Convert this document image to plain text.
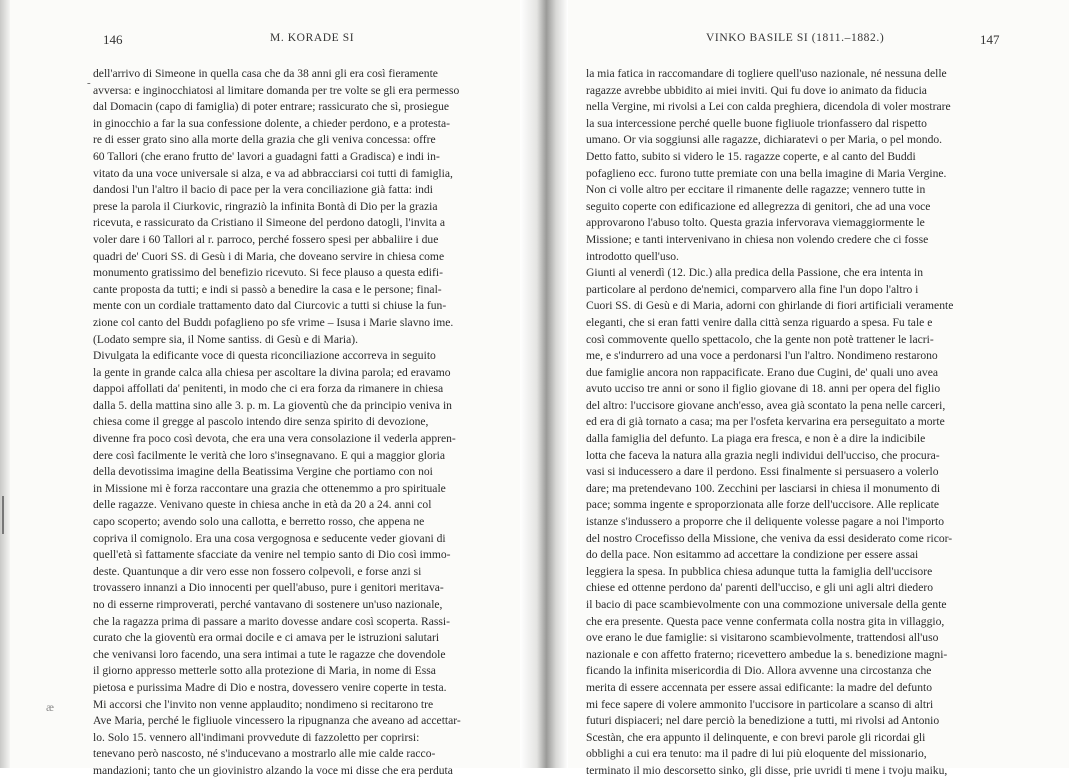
146	M. KORADE SI
-
æ
dell'arrivo di Simeone in quella casa che da 38 anni gli era così fieramente
avversa: e inginocchiatosi al limitare domanda per tre volte se gli era permesso
dal Domacin (capo di famiglia) di poter entrare; rassicurato che sì, prosiegue
in ginocchio a far la sua confessione dolente, a chieder perdono, e a protesta-
re di esser grato sino alla morte della grazia che gli veniva concessa: offre
60 Tallori (che erano frutto de' lavori a guadagni fatti a Gradisca) e indi in-
vitato da una voce universale si alza, e va ad abbracciarsi coi tutti di famiglia,
dandosi l'un l'altro il bacio di pace per la vera conciliazione già fatta: indi
prese la parola il Ciurkovic, ringraziò la infinita Bontà di Dio per la grazia
ricevuta, e rassicurato da Cristiano il Simeone del perdono datogli, l'invita a
voler dare i 60 Tallori al r. parroco, perché fossero spesi per abbaliire i due
quadri de' Cuori SS. di Gesù i di Maria, che doveano servire in chiesa come
monumento gratissimo del benefizio ricevuto. Si fece plauso a questa edifi-
cante proposta da tutti; e indi si passò a benedire la casa e le persone; final-
mente con un cordiale trattamento dato dal Ciurcovic a tutti si chiuse la fun-
zione col canto del Buddı pofaglieno po sfe vrime – Isusa i Marie slavno ime.
(Lodato sempre sia, il Nome santiss. di Gesù e di Maria).
Divulgata la edificante voce di questa riconciliazione accorreva in seguito
la gente in grande calca alla chiesa per ascoltare la divina parola; ed eravamo
dappoi affollati da' penitenti, in modo che ci era forza da rimanere in chiesa
dalla 5. della mattina sino alle 3. p. m. La gioventù che da principio veniva in
chiesa come il gregge al pascolo intendo dire senza spirito di devozione,
divenne fra poco così devota, che era una vera consolazione il vederla appren-
dere così facilmente le verità che loro s'insegnavano. E qui a maggior gloria
della devotissima imagine della Beatissima Vergine che portiamo con noi
in Missione mi è forza raccontare una grazia che ottenemmo a pro spirituale
delle ragazze. Venivano queste in chiesa anche in età da 20 a 24. anni col
capo scoperto; avendo solo una callotta, e berretto rosso, che appena ne
copriva il comignolo. Era una cosa vergognosa e seducente veder giovani di
quell'età sì fattamente sfacciate da venire nel tempio santo di Dio così immo-
deste. Quantunque a dir vero esse non fossero colpevoli, e forse anzi si
trovassero innanzi a Dio innocenti per quell'abuso, pure i genitori meritava-
no di esserne rimproverati, perché vantavano di sostenere un'uso nazionale,
che la ragazza prima di passare a marito dovesse andare così scoperta. Rassi-
curato che la gioventù era ormai docile e ci amava per le istruzioni salutari
che venivansi loro facendo, una sera intimai a tute le ragazze che dovendole
il giorno appresso metterle sotto alla protezione di Maria, in nome di Essa
pietosa e purissima Madre di Dio e nostra, dovessero venire coperte in testa.
Mi accorsi che l'invito non venne applaudito; nondimeno si recitarono tre
Ave Maria, perché le figliuole vincessero la ripugnanza che aveano ad accettar-
lo. Solo 15. vennero all'indimani provvedute di fazzoletto per coprirsi:
tenevano però nascosto, né s'inducevano a mostrarlo alle mie calde racco-
mandazioni; tanto che un giovinistro alzando la voce mi disse che era perduta
VINKO BASILE SI (1811.–1882.)	147
la mia fatica in raccomandare di togliere quell'uso nazionale, né nessuna delle
ragazze avrebbe ubbidito ai miei inviti. Qui fu dove io animato da fiducia
nella Vergine, mi rivolsi a Lei con calda preghiera, dicendola di voler mostrare
la sua intercessione perché quelle buone figliuole trionfassero dal rispetto
umano. Or via soggiunsi alle ragazze, dichiaratevi o per Maria, o pel mondo.
Detto fatto, subito si videro le 15. ragazze coperte, e al canto del Buddi
pofaglieno ecc. furono tutte premiate con una bella imagine di Maria Vergine.
Non ci volle altro per eccitare il rimanente delle ragazze; vennero tutte in
seguito coperte con edificazione ed allegrezza di genitori, che ad una voce
approvarono l'abuso tolto. Questa grazia infervorava viemaggiormente le
Missione; e tanti intervenivano in chiesa non volendo credere che ci fosse
introdotto quell'uso.
Giunti al venerdì (12. Dic.) alla predica della Passione, che era intenta in
particolare al perdono de'nemici, comparvero alla fine l'un dopo l'altro i
Cuori SS. di Gesù e di Maria, adorni con ghirlande di fiori artificiali veramente
eleganti, che si eran fatti venire dalla città senza riguardo a spesa. Fu tale e
così commovente quello spettacolo, che la gente non potè trattener le lacri-
me, e s'indurrero ad una voce a perdonarsi l'un l'altro. Nondimeno restarono
due famiglie ancora non rappacificate. Erano due Cugini, de' quali uno avea
avuto ucciso tre anni or sono il figlio giovane di 18. anni per opera del figlio
del altro: l'uccisore giovane anch'esso, avea già scontato la pena nelle carceri,
ed era di già tornato a casa; ma per l'osfeta kervarina era perseguitato a morte
dalla famiglia del defunto. La piaga era fresca, e non è a dire la indicibile
lotta che faceva la natura alla grazia negli individui dell'ucciso, che procura-
vasi si inducessero a dare il perdono. Essi finalmente si persuasero a volerlo
dare; ma pretendevano 100. Zecchini per lasciarsi in chiesa il monumento di
pace; somma ingente e sproporzionata alle forze dell'uccisore. Alle replicate
istanze s'indussero a proporre che il deliquente volesse pagare a noi l'importo
del nostro Crocefisso della Missione, che veniva da essi desiderato come ricor-
do della pace. Non esitammo ad accettare la condizione per essere assai
leggiera la spesa. In pubblica chiesa adunque tutta la famiglia dell'uccisore
chiese ed ottenne perdono da' parenti dell'ucciso, e gli uni agli altri diedero
il bacio di pace scambievolmente con una commozione universale della gente
che era presente. Questa pace venne confermata colla nostra gita in villaggio,
ove erano le due famiglie: si visitarono scambievolmente, trattendosi all'uso
nazionale e con affetto fraterno; ricevettero ambedue la s. benedizione magni-
ficando la infinita misericordia di Dio. Allora avvenne una circostanza che
merita di essere accennata per essere assai edificante: la madre del defunto
mi fece sapere di volere ammonito l'uccisore in particolare a scanso di altri
futuri dispiaceri; nel dare perciò la benedizione a tutti, mi rivolsi ad Antonio
Scestàn, che era appunto il delinquente, e con brevi parole gli ricordai gli
obblighi a cui era tenuto: ma il padre di lui più eloquente del missionario,
terminato il mio descorsetto sinko, gli disse, prie uvridi ti mene i tvoju maiku,
